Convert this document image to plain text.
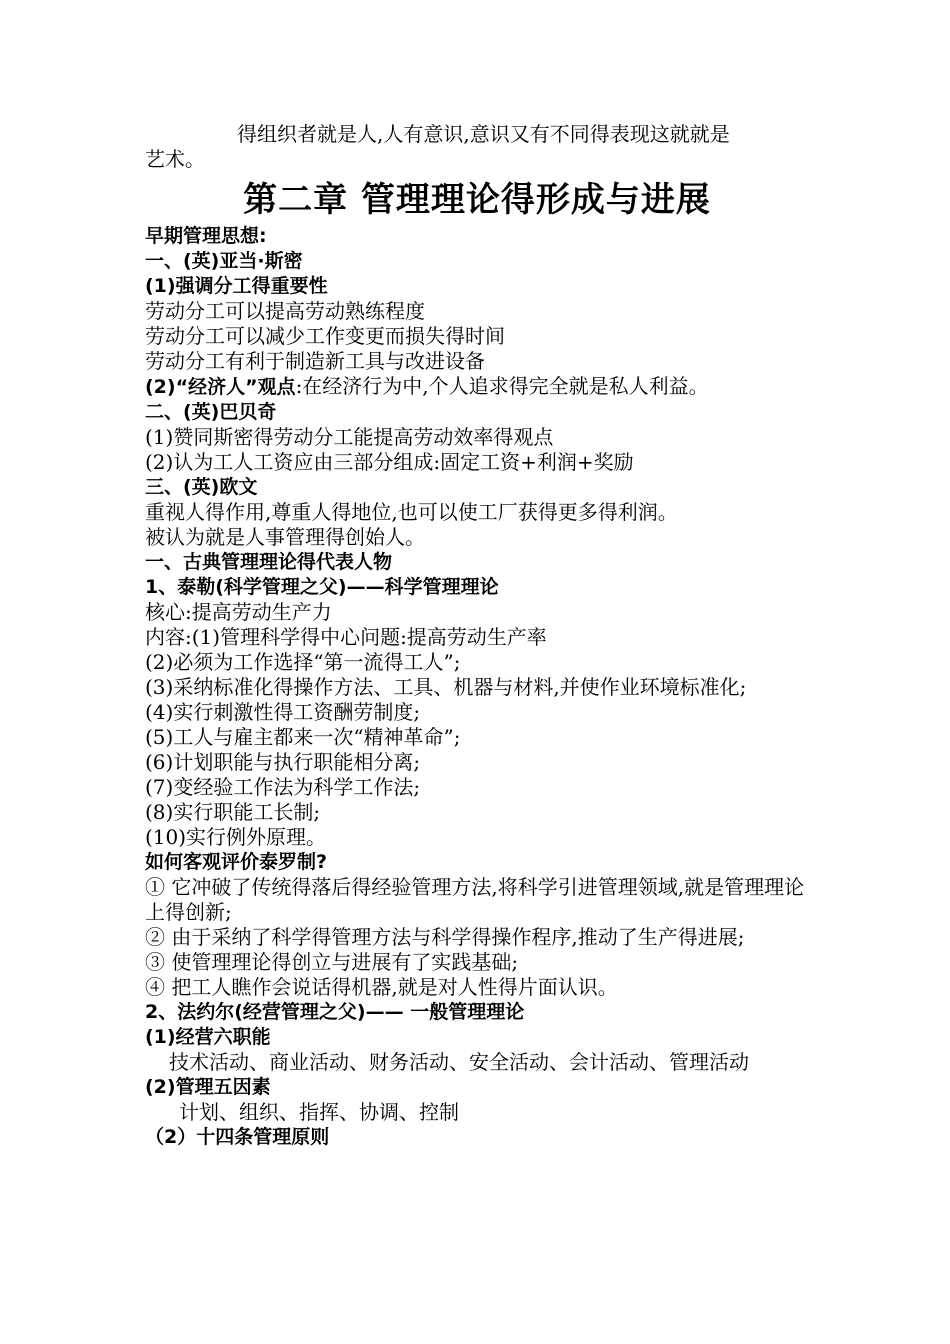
得组织者就是人,人有意识,意识又有不同得表现这就就是
艺术。
第二章 管理理论得形成与进展
早期管理思想:
一、(英)亚当·斯密
(1)强调分工得重要性
劳动分工可以提高劳动熟练程度
劳动分工可以减少工作变更而损失得时间
劳动分工有利于制造新工具与改进设备
(2)“经济人”观点:在经济行为中,个人追求得完全就是私人利益。
二、(英)巴贝奇
(1)赞同斯密得劳动分工能提高劳动效率得观点
(2)认为工人工资应由三部分组成:固定工资+利润+奖励
三、(英)欧文
重视人得作用,尊重人得地位,也可以使工厂获得更多得利润。
被认为就是人事管理得创始人。
一、古典管理理论得代表人物
1、泰勒(科学管理之父)——科学管理理论
核心:提高劳动生产力
内容:(1)管理科学得中心问题:提高劳动生产率
(2)必须为工作选择“第一流得工人”;
(3)采纳标准化得操作方法、工具、机器与材料,并使作业环境标准化;
(4)实行刺激性得工资酬劳制度;
(5)工人与雇主都来一次“精神革命”;
(6)计划职能与执行职能相分离;
(7)变经验工作法为科学工作法;
(8)实行职能工长制;
(10)实行例外原理。
如何客观评价泰罗制?
① 它冲破了传统得落后得经验管理方法,将科学引进管理领域,就是管理理论上得创新;
② 由于采纳了科学得管理方法与科学得操作程序,推动了生产得进展;
③ 使管理理论得创立与进展有了实践基础;
④ 把工人瞧作会说话得机器,就是对人性得片面认识。
2、法约尔(经营管理之父)—— 一般管理理论
(1)经营六职能
技术活动、商业活动、财务活动、安全活动、会计活动、管理活动
(2)管理五因素
计划、组织、指挥、协调、控制
（2）十四条管理原则
